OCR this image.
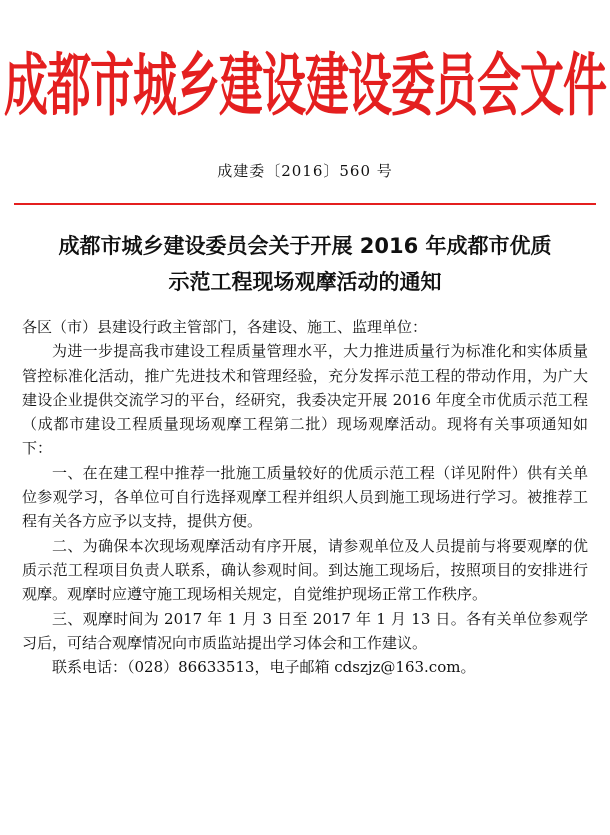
成都市城乡建设建设委员会文件
成建委〔2016〕560 号
成都市城乡建设委员会关于开展 2016 年成都市优质
示范工程现场观摩活动的通知

各区（市）县建设行政主管部门，各建设、施工、监理单位：

为进一步提高我市建设工程质量管理水平，大力推进质量行为标准化和实体质量管控标准化活动，推广先进技术和管理经验，充分发挥示范工程的带动作用，为广大建设企业提供交流学习的平台，经研究，我委决定开展 2016 年度全市优质示范工程（成都市建设工程质量现场观摩工程第二批）现场观摩活动。现将有关事项通知如下：

一、在在建工程中推荐一批施工质量较好的优质示范工程（详见附件）供有关单位参观学习，各单位可自行选择观摩工程并组织人员到施工现场进行学习。被推荐工程有关各方应予以支持，提供方便。

二、为确保本次现场观摩活动有序开展，请参观单位及人员提前与将要观摩的优质示范工程项目负责人联系，确认参观时间。到达施工现场后，按照项目的安排进行观摩。观摩时应遵守施工现场相关规定，自觉维护现场正常工作秩序。

三、观摩时间为 2017 年 1 月 3 日至 2017 年 1 月 13 日。各有关单位参观学习后，可结合观摩情况向市质监站提出学习体会和工作建议。

联系电话：（028）86633513，电子邮箱 cdszjz@163.com。
